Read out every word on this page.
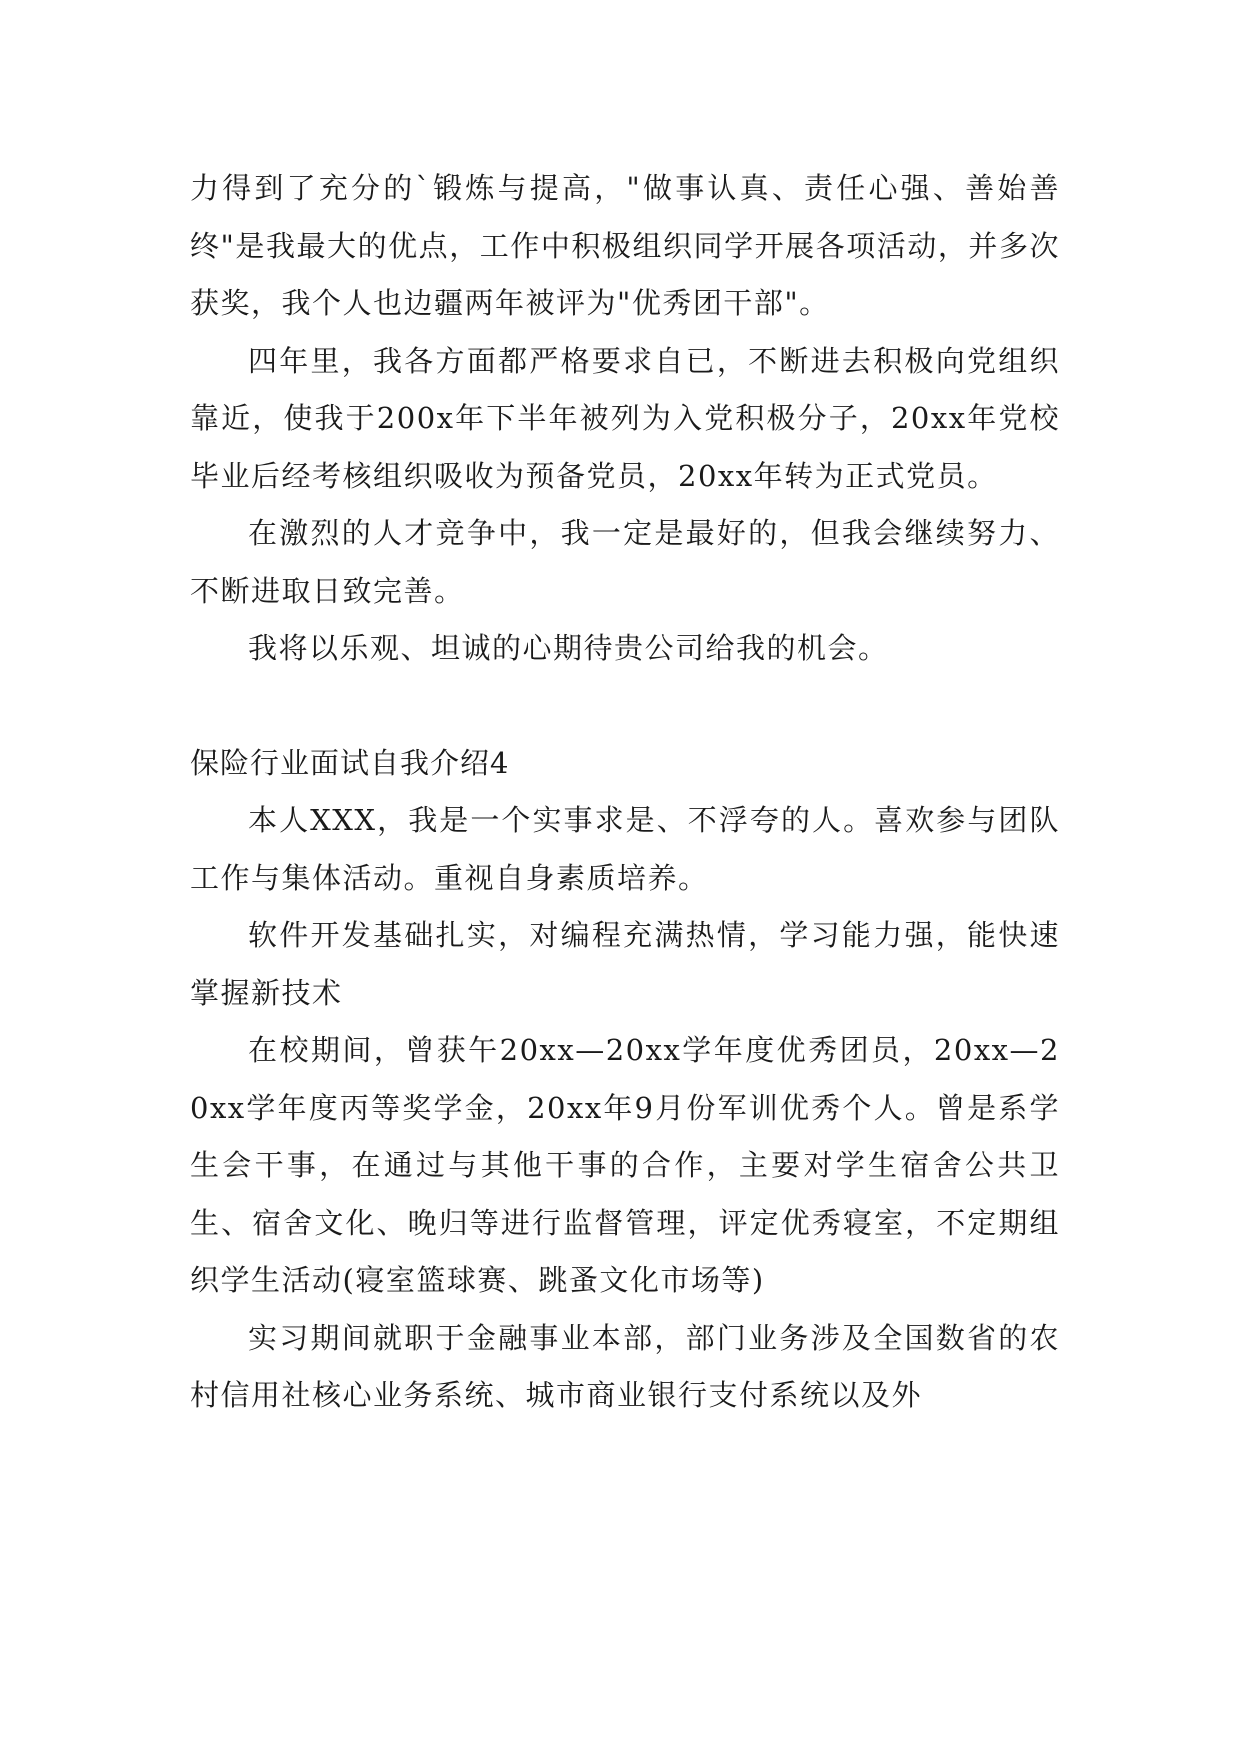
力得到了充分的`锻炼与提高，"做事认真、责任心强、善始善终"是我最大的优点，工作中积极组织同学开展各项活动，并多次获奖，我个人也边疆两年被评为"优秀团干部"。

四年里，我各方面都严格要求自已，不断进去积极向党组织靠近，使我于200x年下半年被列为入党积极分子，20xx年党校毕业后经考核组织吸收为预备党员，20xx年转为正式党员。

在激烈的人才竞争中，我一定是最好的，但我会继续努力、不断进取日致完善。

我将以乐观、坦诚的心期待贵公司给我的机会。

保险行业面试自我介绍4

本人XXX，我是一个实事求是、不浮夸的人。喜欢参与团队工作与集体活动。重视自身素质培养。

软件开发基础扎实，对编程充满热情，学习能力强，能快速掌握新技术

在校期间，曾获午20xx—20xx学年度优秀团员，20xx—20xx学年度丙等奖学金，20xx年9月份军训优秀个人。曾是系学生会干事，在通过与其他干事的合作，主要对学生宿舍公共卫生、宿舍文化、晚归等进行监督管理，评定优秀寝室，不定期组织学生活动(寝室篮球赛、跳蚤文化市场等)

实习期间就职于金融事业本部，部门业务涉及全国数省的农村信用社核心业务系统、城市商业银行支付系统以及外
